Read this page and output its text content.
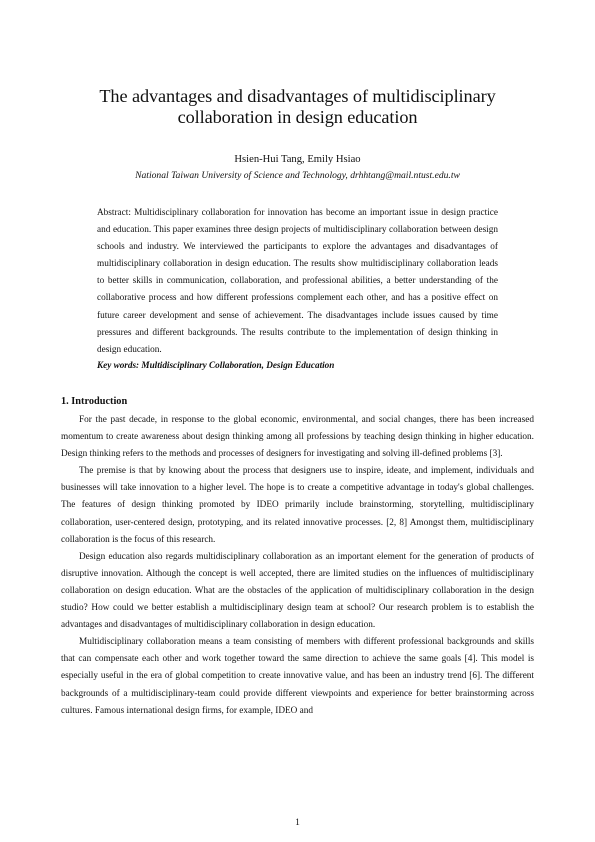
The advantages and disadvantages of multidisciplinary collaboration in design education
Hsien-Hui Tang, Emily Hsiao
National Taiwan University of Science and Technology, drhhtang@mail.ntust.edu.tw
Abstract: Multidisciplinary collaboration for innovation has become an important issue in design practice and education. This paper examines three design projects of multidisciplinary collaboration between design schools and industry. We interviewed the participants to explore the advantages and disadvantages of multidisciplinary collaboration in design education. The results show multidisciplinary collaboration leads to better skills in communication, collaboration, and professional abilities, a better understanding of the collaborative process and how different professions complement each other, and has a positive effect on future career development and sense of achievement. The disadvantages include issues caused by time pressures and different backgrounds. The results contribute to the implementation of design thinking in design education.
Key words: Multidisciplinary Collaboration, Design Education
1. Introduction

For the past decade, in response to the global economic, environmental, and social changes, there has been increased momentum to create awareness about design thinking among all professions by teaching design thinking in higher education. Design thinking refers to the methods and processes of designers for investigating and solving ill-defined problems [3].

The premise is that by knowing about the process that designers use to inspire, ideate, and implement, individuals and businesses will take innovation to a higher level. The hope is to create a competitive advantage in today's global challenges. The features of design thinking promoted by IDEO primarily include brainstorming, storytelling, multidisciplinary collaboration, user-centered design, prototyping, and its related innovative processes. [2, 8] Amongst them, multidisciplinary collaboration is the focus of this research.

Design education also regards multidisciplinary collaboration as an important element for the generation of products of disruptive innovation. Although the concept is well accepted, there are limited studies on the influences of multidisciplinary collaboration on design education. What are the obstacles of the application of multidisciplinary collaboration in the design studio? How could we better establish a multidisciplinary design team at school? Our research problem is to establish the advantages and disadvantages of multidisciplinary collaboration in design education.

Multidisciplinary collaboration means a team consisting of members with different professional backgrounds and skills that can compensate each other and work together toward the same direction to achieve the same goals [4]. This model is especially useful in the era of global competition to create innovative value, and has been an industry trend [6]. The different backgrounds of a multidisciplinary-team could provide different viewpoints and experience for better brainstorming across cultures. Famous international design firms, for example, IDEO and

1
